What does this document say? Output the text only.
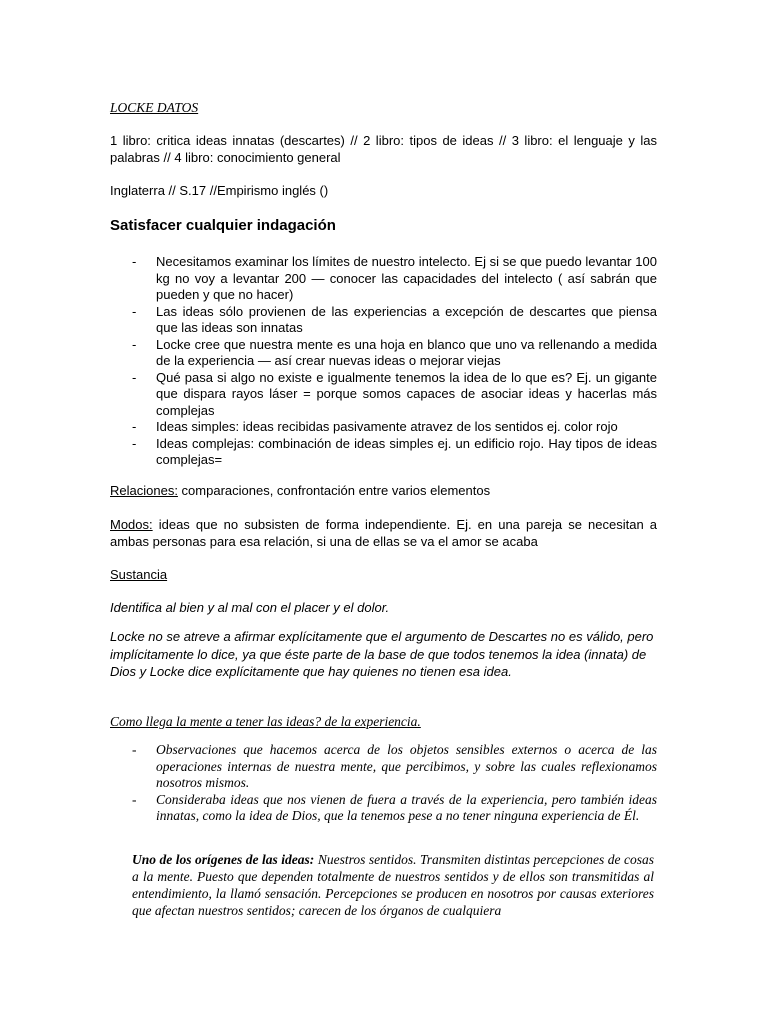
LOCKE DATOS

1 libro: critica ideas innatas (descartes) // 2 libro: tipos de ideas // 3 libro: el lenguaje y las palabras // 4 libro: conocimiento general

Inglaterra // S.17 //Empirismo inglés ()

Satisfacer cualquier indagación

- Necesitamos examinar los límites de nuestro intelecto. Ej si se que puedo levantar 100 kg no voy a levantar 200 — conocer las capacidades del intelecto ( así sabrán que pueden y que no hacer)
- Las ideas sólo provienen de las experiencias a excepción de descartes que piensa que las ideas son innatas
- Locke cree que nuestra mente es una hoja en blanco que uno va rellenando a medida de la experiencia — así crear nuevas ideas o mejorar viejas
- Qué pasa si algo no existe e igualmente tenemos la idea de lo que es? Ej. un gigante que dispara rayos láser = porque somos capaces de asociar ideas y hacerlas más complejas
- Ideas simples: ideas recibidas pasivamente atravez de los sentidos ej. color rojo
- Ideas complejas: combinación de ideas simples ej. un edificio rojo. Hay tipos de ideas complejas=

Relaciones: comparaciones, confrontación entre varios elementos

Modos: ideas que no subsisten de forma independiente. Ej. en una pareja se necesitan a ambas personas para esa relación, si una de ellas se va el amor se acaba

Sustancia

Identifica al bien y al mal con el placer y el dolor.

Locke no se atreve a afirmar explícitamente que el argumento de Descartes no es válido, pero implícitamente lo dice, ya que éste parte de la base de que todos tenemos la idea (innata) de Dios y Locke dice explícitamente que hay quienes no tienen esa idea.

Como llega la mente a tener las ideas? de la experiencia.

- Observaciones que hacemos acerca de los objetos sensibles externos o acerca de las operaciones internas de nuestra mente, que percibimos, y sobre las cuales reflexionamos nosotros mismos.
- Consideraba ideas que nos vienen de fuera a través de la experiencia, pero también ideas innatas, como la idea de Dios, que la tenemos pese a no tener ninguna experiencia de Él.

Uno de los orígenes de las ideas: Nuestros sentidos. Transmiten distintas percepciones de cosas a la mente. Puesto que dependen totalmente de nuestros sentidos y de ellos son transmitidas al entendimiento, la llamó sensación. Percepciones se producen en nosotros por causas exteriores que afectan nuestros sentidos; carecen de los órganos de cualquiera
